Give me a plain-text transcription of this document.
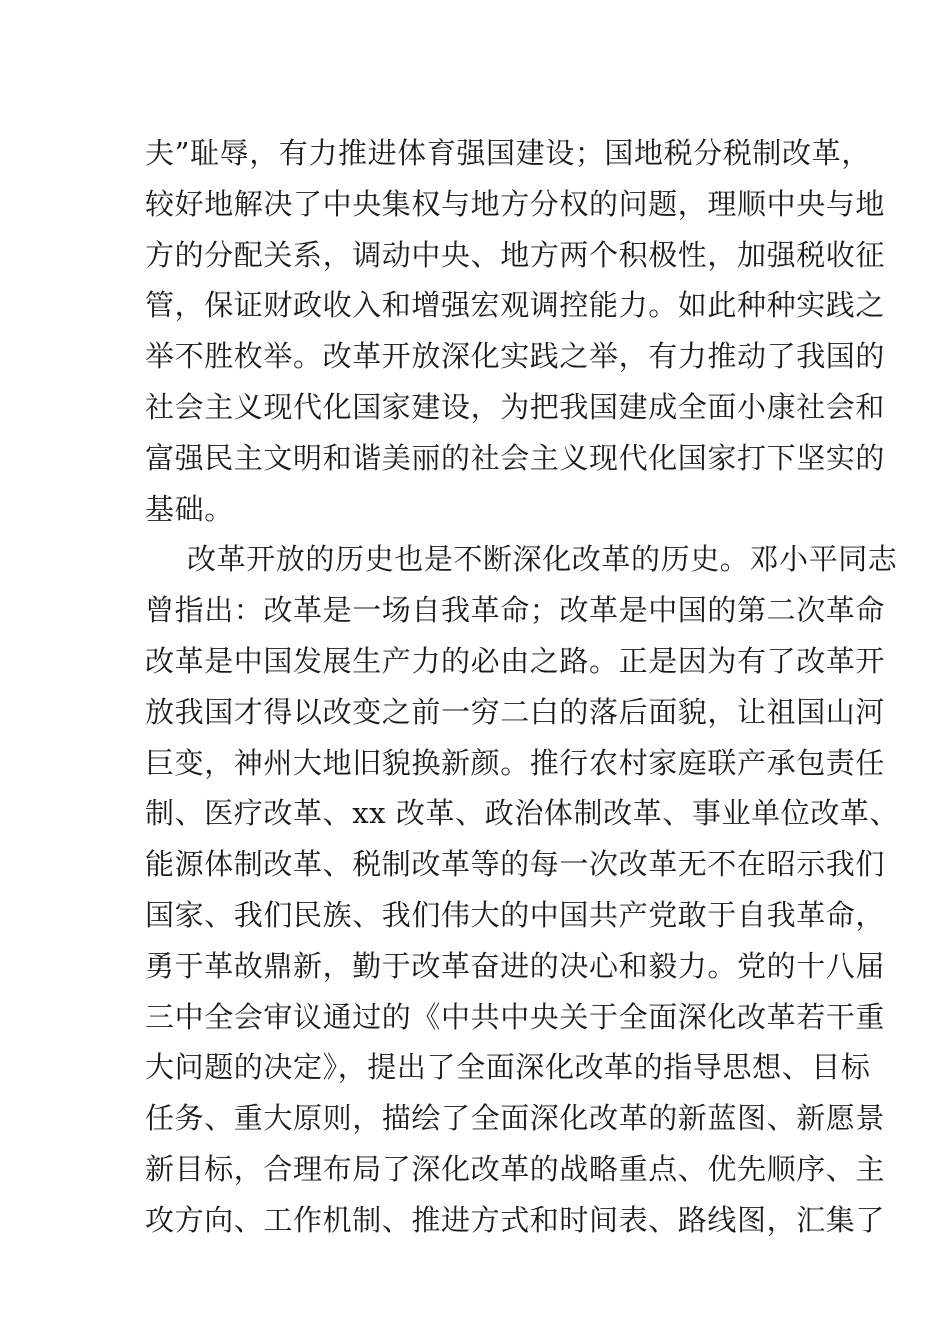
夫”耻辱，有力推进体育强国建设；国地税分税制改革，
较好地解决了中央集权与地方分权的问题，理顺中央与地
方的分配关系，调动中央、地方两个积极性，加强税收征
管，保证财政收入和增强宏观调控能力。如此种种实践之
举不胜枚举。改革开放深化实践之举，有力推动了我国的
社会主义现代化国家建设，为把我国建成全面小康社会和
富强民主文明和谐美丽的社会主义现代化国家打下坚实的
基础。
改革开放的历史也是不断深化改革的历史。邓小平同志
曾指出：改革是一场自我革命；改革是中国的第二次革命
改革是中国发展生产力的必由之路。正是因为有了改革开
放我国才得以改变之前一穷二白的落后面貌，让祖国山河
巨变，神州大地旧貌换新颜。推行农村家庭联产承包责任
制、医疗改革、xx 改革、政治体制改革、事业单位改革、
能源体制改革、税制改革等的每一次改革无不在昭示我们
国家、我们民族、我们伟大的中国共产党敢于自我革命，
勇于革故鼎新，勤于改革奋进的决心和毅力。党的十八届
三中全会审议通过的《中共中央关于全面深化改革若干重
大问题的决定》，提出了全面深化改革的指导思想、目标
任务、重大原则，描绘了全面深化改革的新蓝图、新愿景
新目标，合理布局了深化改革的战略重点、优先顺序、主
攻方向、工作机制、推进方式和时间表、路线图，汇集了
